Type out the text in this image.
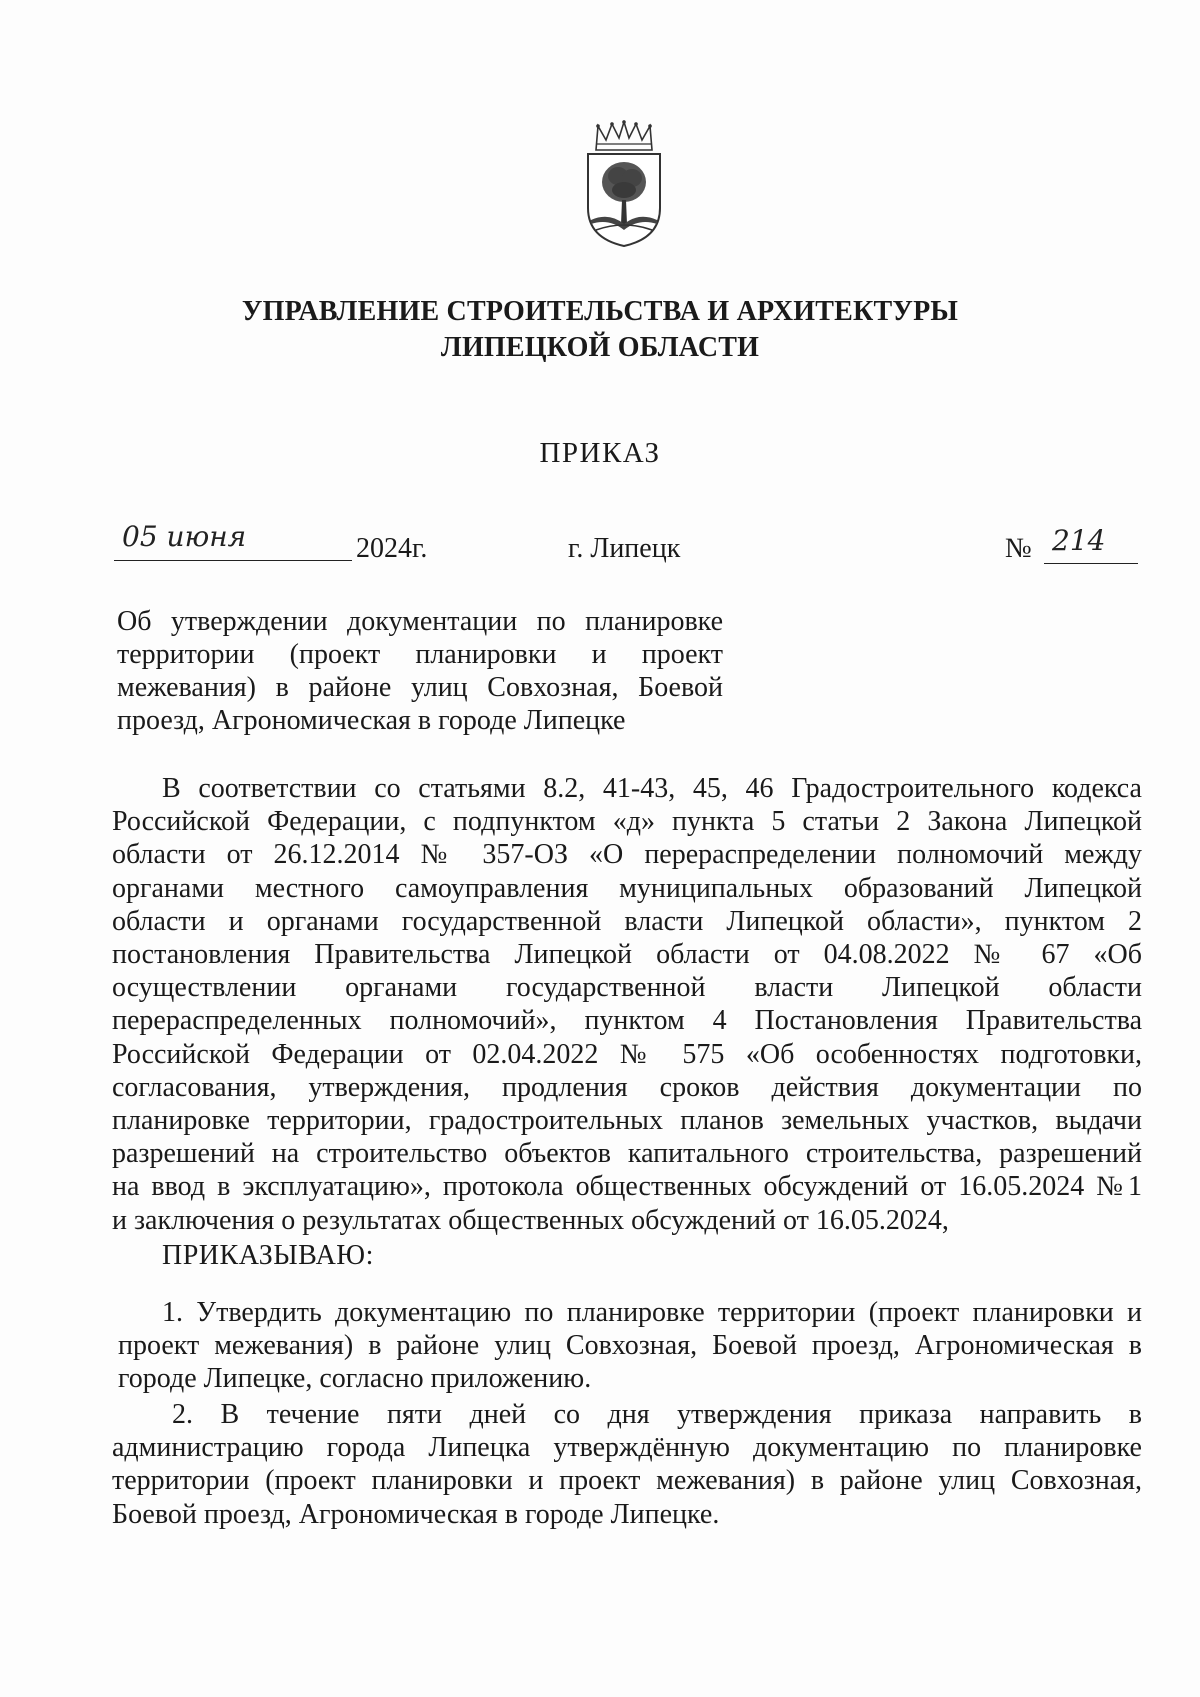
УПРАВЛЕНИЕ СТРОИТЕЛЬСТВА И АРХИТЕКТУРЫ
ЛИПЕЦКОЙ ОБЛАСТИ
ПРИКАЗ
05 июня	2024г.	г. Липецк	№ 214
Об утверждении документации по планировке
территории (проект планировки и проект
межевания) в районе улиц Совхозная, Боевой
проезд, Агрономическая в городе Липецке
В соответствии со статьями 8.2, 41-43, 45, 46 Градостроительного кодекса
Российской Федерации, с подпунктом «д» пункта 5 статьи 2 Закона Липецкой
области от 26.12.2014 № 357-ОЗ «О перераспределении полномочий между
органами местного самоуправления муниципальных образований Липецкой
области и органами государственной власти Липецкой области», пунктом 2
постановления Правительства Липецкой области от 04.08.2022 № 67 «Об
осуществлении органами государственной власти Липецкой области
перераспределенных полномочий», пунктом 4 Постановления Правительства
Российской Федерации от 02.04.2022 № 575 «Об особенностях подготовки,
согласования, утверждения, продления сроков действия документации по
планировке территории, градостроительных планов земельных участков, выдачи
разрешений на строительство объектов капитального строительства, разрешений
на ввод в эксплуатацию», протокола общественных обсуждений от 16.05.2024 №1
и заключения о результатах общественных обсуждений от 16.05.2024,
ПРИКАЗЫВАЮ:
1. Утвердить документацию по планировке территории (проект планировки и
проект межевания) в районе улиц Совхозная, Боевой проезд, Агрономическая в
городе Липецке, согласно приложению.
2. В течение пяти дней со дня утверждения приказа направить в
администрацию города Липецка утверждённую документацию по планировке
территории (проект планировки и проект межевания) в районе улиц Совхозная,
Боевой проезд, Агрономическая в городе Липецке.
